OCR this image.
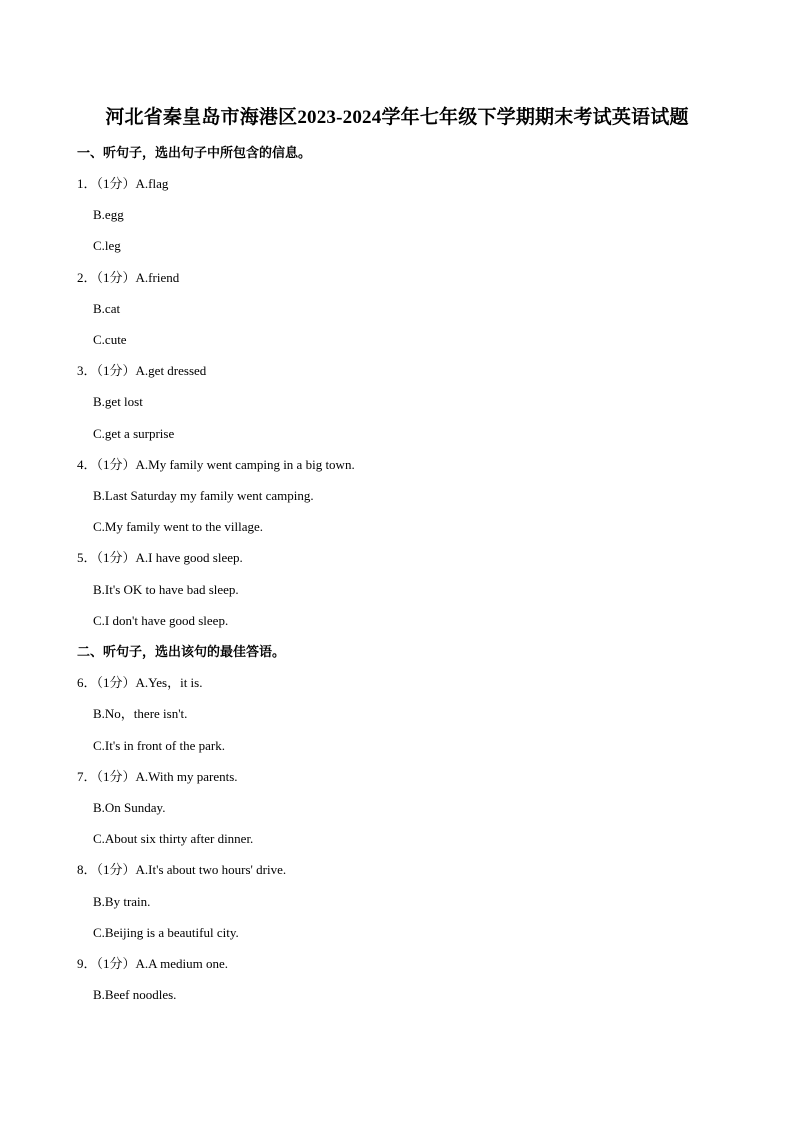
河北省秦皇岛市海港区2023-2024学年七年级下学期期末考试英语试题
一、听句子，选出句子中所包含的信息。
1．（1分）A.flag
B.egg
C.leg
2．（1分）A.friend
B.cat
C.cute
3．（1分）A.get dressed
B.get lost
C.get a surprise
4．（1分）A.My family went camping in a big town.
B.Last Saturday my family went camping.
C.My family went to the village.
5．（1分）A.I have good sleep.
B.It's OK to have bad sleep.
C.I don't have good sleep.
二、听句子，选出该句的最佳答语。
6．（1分）A.Yes，it is.
B.No，there isn't.
C.It's in front of the park.
7．（1分）A.With my parents.
B.On Sunday.
C.About six thirty after dinner.
8．（1分）A.It's about two hours' drive.
B.By train.
C.Beijing is a beautiful city.
9．（1分）A.A medium one.
B.Beef noodles.
